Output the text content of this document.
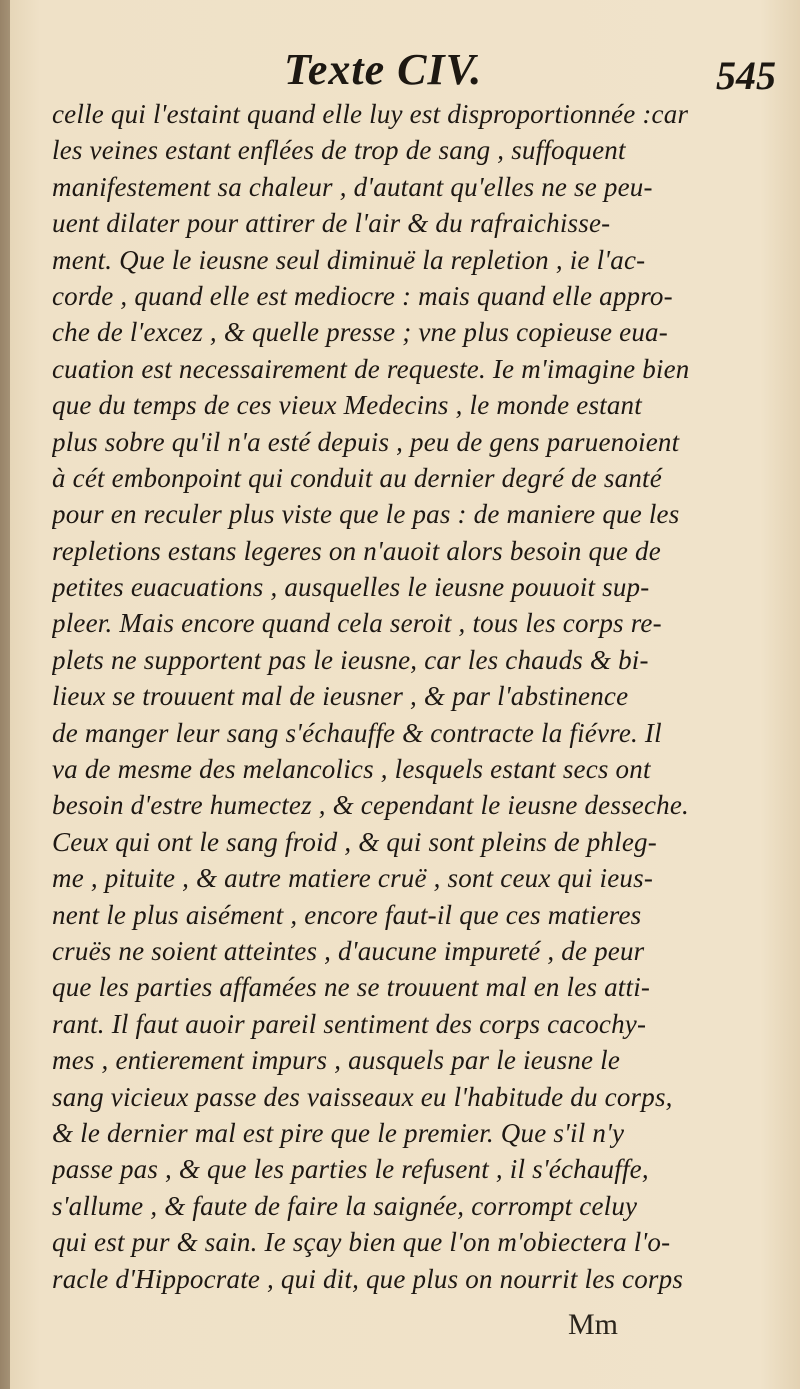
Texte CIV.	545
celle qui l'estaint quand elle luy est disproportionnée :car
les veines estant enflées de trop de sang , suffoquent
manifestement sa chaleur , d'autant qu'elles ne se peu-
uent dilater pour attirer de l'air & du rafraichisse-
ment. Que le ieusne seul diminuë la repletion , ie l'ac-
corde , quand elle est mediocre : mais quand elle appro-
che de l'excez , & quelle presse ; vne plus copieuse eua-
cuation est necessairement de requeste. Ie m'imagine bien
que du temps de ces vieux Medecins , le monde estant
plus sobre qu'il n'a esté depuis , peu de gens paruenoient
à cét embonpoint qui conduit au dernier degré de santé
pour en reculer plus viste que le pas : de maniere que les
repletions estans legeres on n'auoit alors besoin que de
petites euacuations , ausquelles le ieusne pouuoit sup-
pleer. Mais encore quand cela seroit , tous les corps re-
plets ne supportent pas le ieusne, car les chauds & bi-
lieux se trouuent mal de ieusner , & par l'abstinence
de manger leur sang s'échauffe & contracte la fiévre. Il
va de mesme des melancolics , lesquels estant secs ont
besoin d'estre humectez , & cependant le ieusne desseche.
Ceux qui ont le sang froid , & qui sont pleins de phleg-
me , pituite , & autre matiere cruë , sont ceux qui ieus-
nent le plus aisément , encore faut-il que ces matieres
cruës ne soient atteintes , d'aucune impureté , de peur
que les parties affamées ne se trouuent mal en les atti-
rant. Il faut auoir pareil sentiment des corps cacochy-
mes , entierement impurs , ausquels par le ieusne le
sang vicieux passe des vaisseaux eu l'habitude du corps,
& le dernier mal est pire que le premier. Que s'il n'y
passe pas , & que les parties le refusent , il s'échauffe,
s'allume , & faute de faire la saignée, corrompt celuy
qui est pur & sain. Ie sçay bien que l'on m'obiectera l'o-
racle d'Hippocrate , qui dit, que plus on nourrit les corps
Mm
